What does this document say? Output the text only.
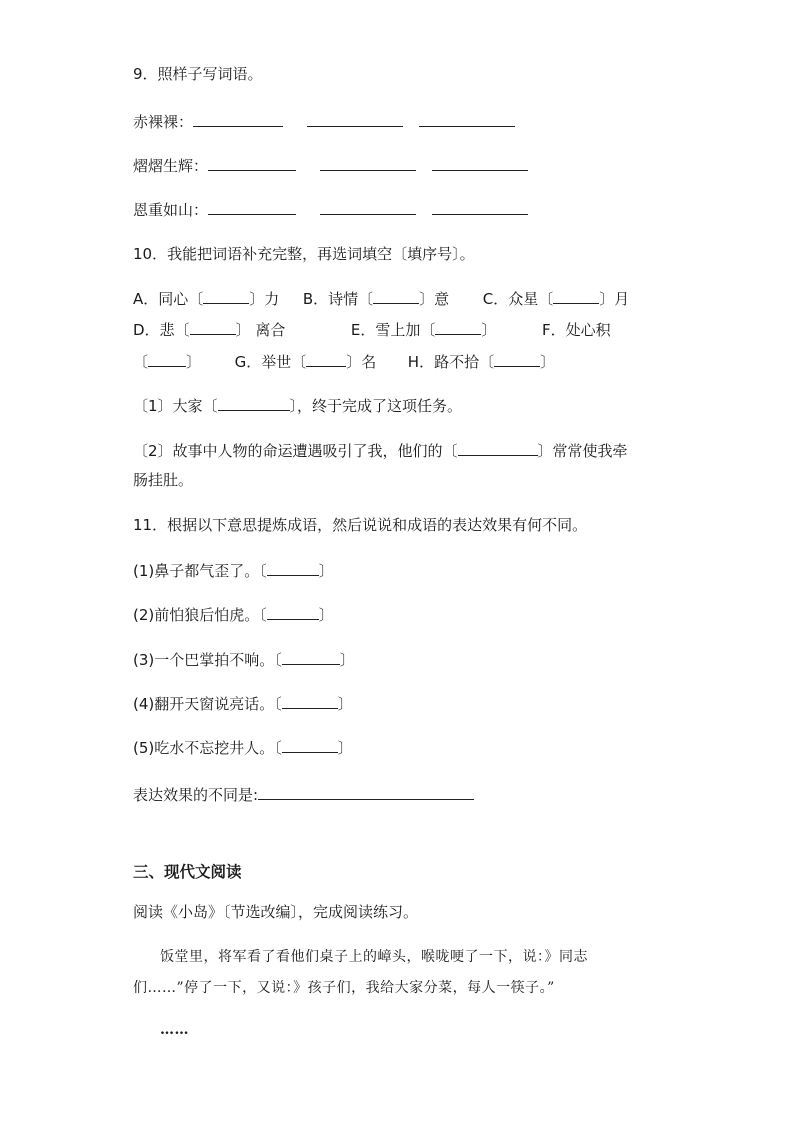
9．照样子写词语。
赤裸裸：
熠熠生辉：
恩重如山：
10．我能把词语补充完整，再选词填空〔填序号〕。
A．同心〔	〕力 B．诗情〔	〕意 C．众星〔	〕月
D．悲〔	〕 离合	E．雪上加〔	〕	F．处心积
〔	〕 G．举世〔	〕名 H．路不拾〔	〕
〔1〕大家〔	〕，终于完成了这项任务。
〔2〕故事中人物的命运遭遇吸引了我，他们的〔	〕常常使我牵
肠挂肚。
11．根据以下意思提炼成语，然后说说和成语的表达效果有何不同。
(1)鼻子都气歪了。〔	〕
(2)前怕狼后怕虎。〔	〕
(3)一个巴掌拍不响。〔	〕
(4)翻开天窗说亮话。〔	〕
(5)吃水不忘挖井人。〔	〕
表达效果的不同是:
三、现代文阅读
阅读《小岛》〔节选改编〕，完成阅读练习。
饭堂里，将军看了看他们桌子上的嶂头，喉咙哽了一下，说：》同志
们……”停了一下，又说：》孩子们，我给大家分菜，每人一筷子。”
……
